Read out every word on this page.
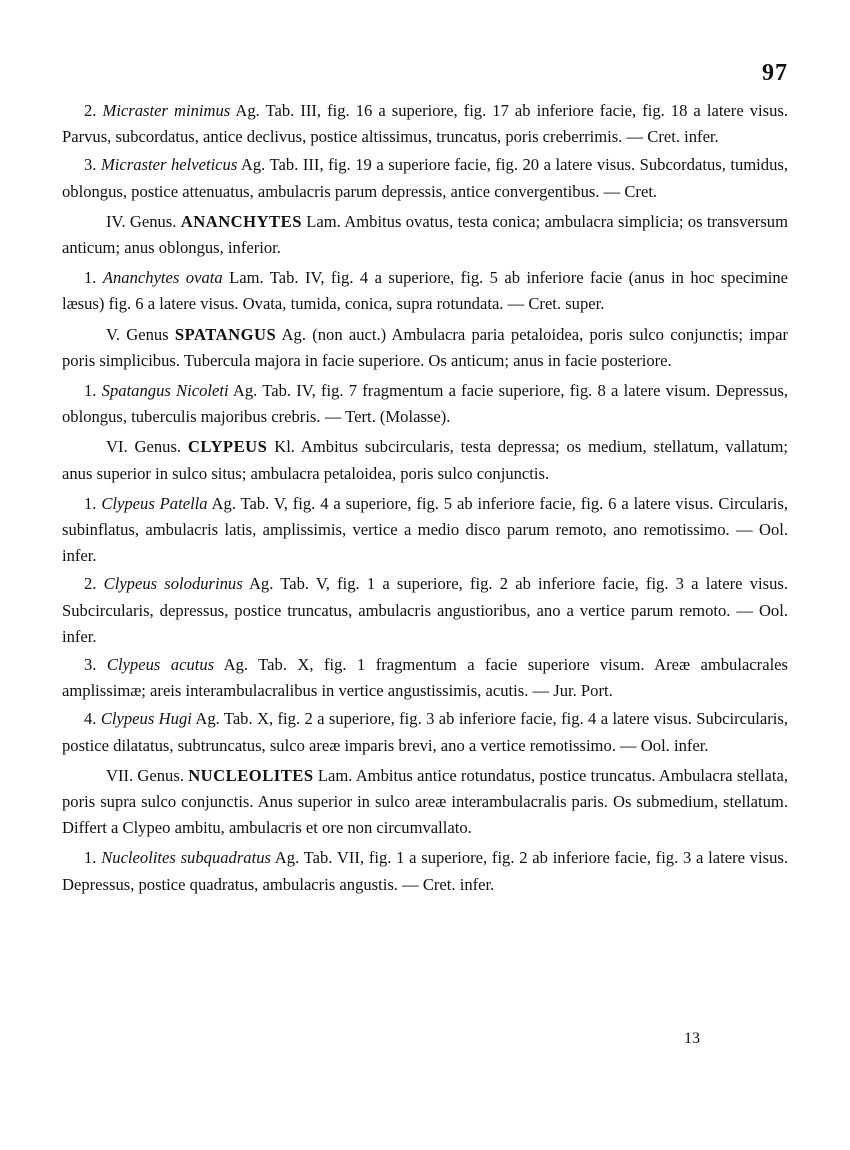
97

2. Micraster minimus Ag. Tab. III, fig. 16 a superiore, fig. 17 ab inferiore facie, fig. 18 a latere visus. Parvus, subcordatus, antice declivus, postice altissimus, truncatus, poris creberrimis. — Cret. infer.

3. Micraster helveticus Ag. Tab. III, fig. 19 a superiore facie, fig. 20 a latere visus. Subcordatus, tumidus, oblongus, postice attenuatus, ambulacris parum depressis, antice convergentibus. — Cret.

IV. Genus. ANANCHYTES Lam. Ambitus ovatus, testa conica; ambulacra simplicia; os transversum anticum; anus oblongus, inferior.

1. Ananchytes ovata Lam. Tab. IV, fig. 4 a superiore, fig. 5 ab inferiore facie (anus in hoc specimine læsus) fig. 6 a latere visus. Ovata, tumida, conica, supra rotundata. — Cret. super.

V. Genus SPATANGUS Ag. (non auct.) Ambulacra paria petaloidea, poris sulco conjunctis; impar poris simplicibus. Tubercula majora in facie superiore. Os anticum; anus in facie posteriore.

1. Spatangus Nicoleti Ag. Tab. IV, fig. 7 fragmentum a facie superiore, fig. 8 a latere visum. Depressus, oblongus, tuberculis majoribus crebris. — Tert. (Molasse).

VI. Genus. CLYPEUS Kl. Ambitus subcircularis, testa depressa; os medium, stellatum, vallatum; anus superior in sulco situs; ambulacra petaloidea, poris sulco conjunctis.

1. Clypeus Patella Ag. Tab. V, fig. 4 a superiore, fig. 5 ab inferiore facie, fig. 6 a latere visus. Circularis, subinflatus, ambulacris latis, amplissimis, vertice a medio disco parum remoto, ano remotissimo. — Ool. infer.

2. Clypeus solodurinus Ag. Tab. V, fig. 1 a superiore, fig. 2 ab inferiore facie, fig. 3 a latere visus. Subcircularis, depressus, postice truncatus, ambulacris angustioribus, ano a vertice parum remoto. — Ool. infer.

3. Clypeus acutus Ag. Tab. X, fig. 1 fragmentum a facie superiore visum. Areæ ambulacrales amplissimæ; areis interambulacralibus in vertice angustissimis, acutis. — Jur. Port.

4. Clypeus Hugi Ag. Tab. X, fig. 2 a superiore, fig. 3 ab inferiore facie, fig. 4 a latere visus. Subcircularis, postice dilatatus, subtruncatus, sulco areæ imparis brevi, ano a vertice remotissimo. — Ool. infer.

VII. Genus. NUCLEOLITES Lam. Ambitus antice rotundatus, postice truncatus. Ambulacra stellata, poris supra sulco conjunctis. Anus superior in sulco areæ interambulacralis paris. Os submedium, stellatum. Differt a Clypeo ambitu, ambulacris et ore non circumvallato.

1. Nucleolites subquadratus Ag. Tab. VII, fig. 1 a superiore, fig. 2 ab inferiore facie, fig. 3 a latere visus. Depressus, postice quadratus, ambulacris angustis. — Cret. infer.

13
